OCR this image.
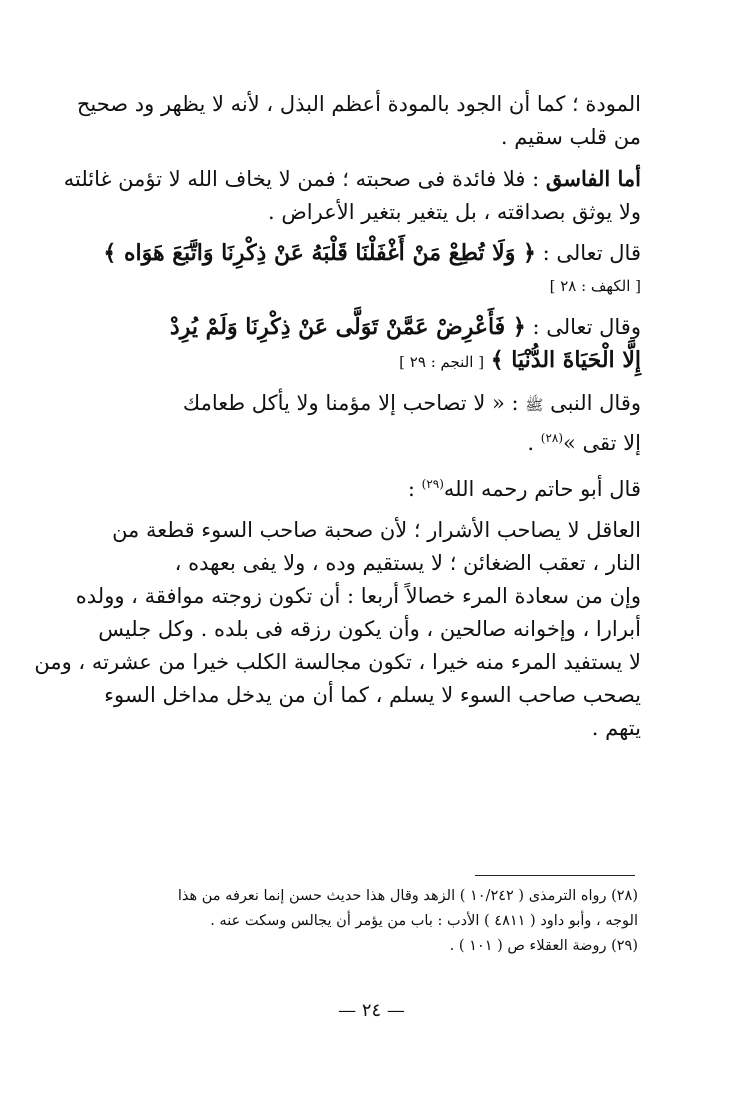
المودة ؛ كما أن الجود بالمودة أعظم البذل ، لأنه لا يظهر ود صحيح
من قلب سقيم .

أما الفاسق : فلا فائدة فى صحبته ؛ فمن لا يخاف الله لا تؤمن غائلته
ولا يوثق بصداقته ، بل يتغير بتغير الأعراض .

قال تعالى : ﴿ وَلَا تُطِعْ مَنْ أَغْفَلْنَا قَلْبَهُ عَنْ ذِكْرِنَا وَاتَّبَعَ هَوَاه ﴾
[ الكهف : ٢٨ ]

وقال تعالى : ﴿ فَأَعْرِضْ عَمَّنْ تَوَلَّى عَنْ ذِكْرِنَا وَلَمْ يُرِدْ
إِلَّا الْحَيَاةَ الدُّنْيَا ﴾ [ النجم : ٢٩ ]

وقال النبى ﷺ : « لا تصاحب إلا مؤمنا ولا يأكل طعامك
إلا تقى »$^{(٢٨)}$ .

قال أبو حاتم رحمه الله$^{(٢٩)}$ :

العاقل لا يصاحب الأشرار ؛ لأن صحبة صاحب السوء قطعة من
النار ، تعقب الضغائن ؛ لا يستقيم وده ، ولا يفى بعهده ،
وإن من سعادة المرء خصالاً أربعا : أن تكون زوجته موافقة ، وولده
أبرارا ، وإخوانه صالحين ، وأن يكون رزقه فى بلده . وكل جليس
لا يستفيد المرء منه خيرا ، تكون مجالسة الكلب خيرا من عشرته ، ومن
يصحب صاحب السوء لا يسلم ، كما أن من يدخل مداخل السوء
يتهم .

(٢٨) رواه الترمذى ( ١٠/٢٤٢ ) الزهد وقال هذا حديث حسن إنما نعرفه من هذا
الوجه ، وأبو داود ( ٤٨١١ ) الأدب : باب من يؤمر أن يجالس وسكت عنه .
(٢٩) روضة العقلاء ص ( ١٠١ ) .
— ٢٤ —
